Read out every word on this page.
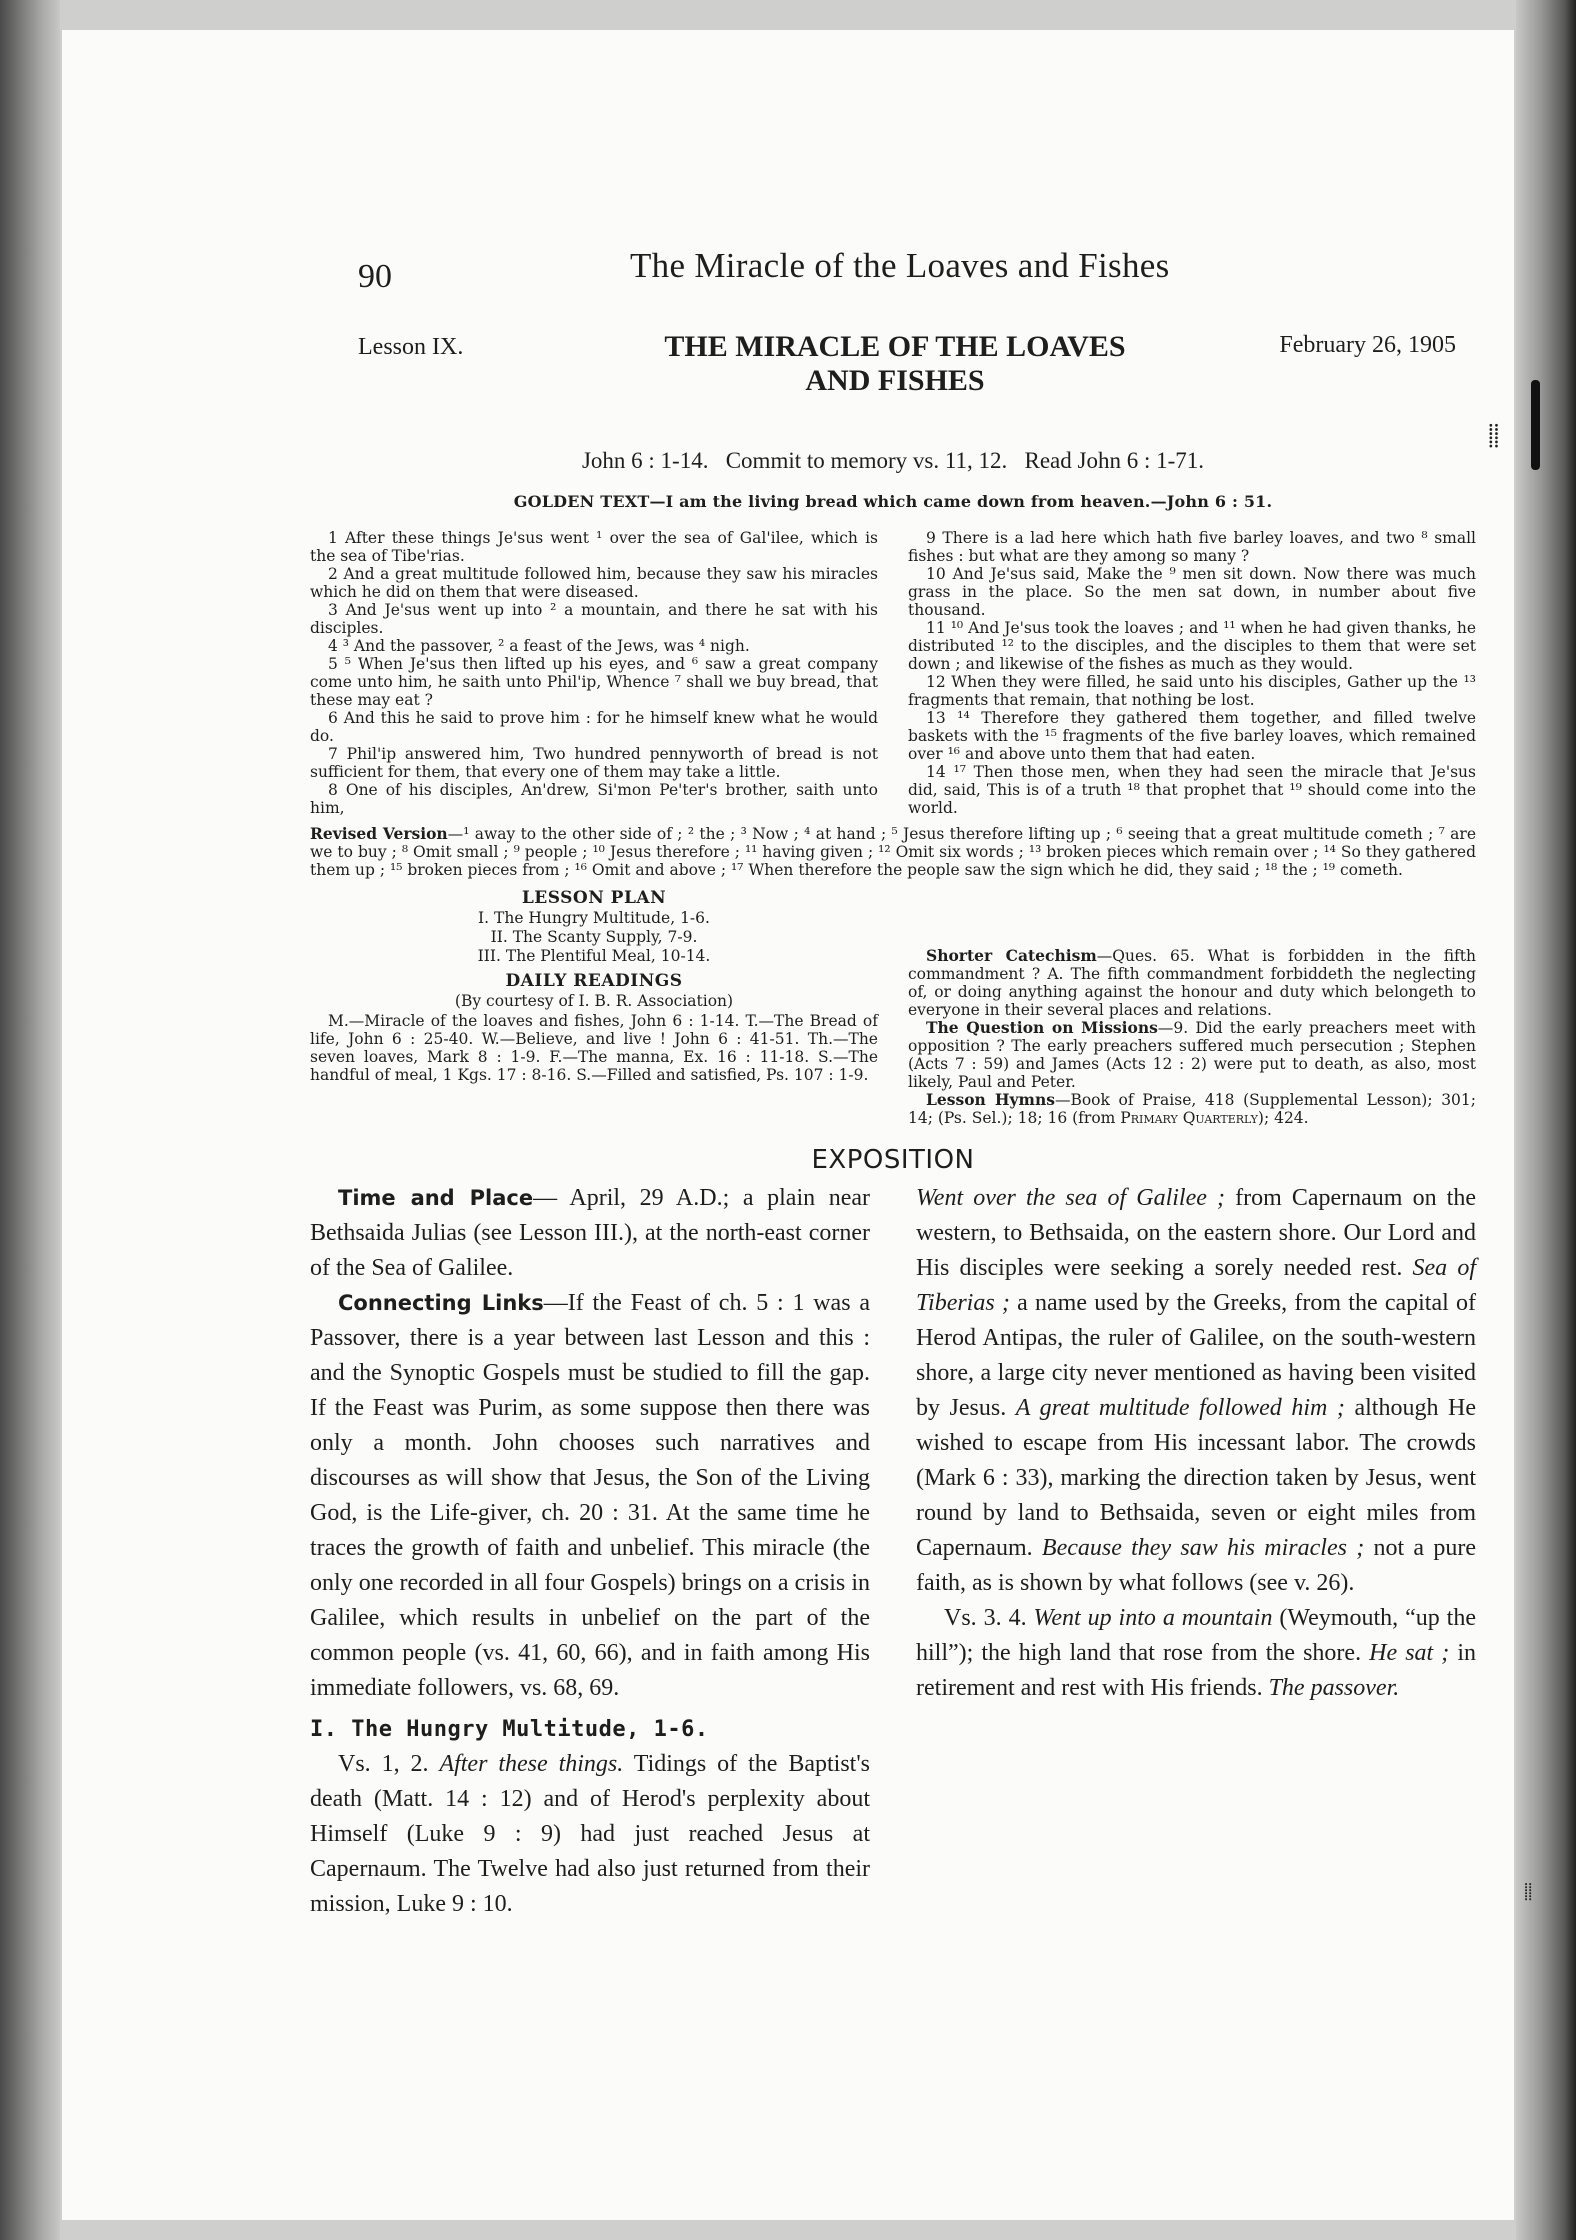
⸽⸽
⸽⸽
90	The Miracle of the Loaves and Fishes
Lesson IX.	THE MIRACLE OF THE LOAVES AND FISHES
February 26, 1905
John 6 : 1-14.   Commit to memory vs. 11, 12.   Read John 6 : 1-71.
GOLDEN TEXT—I am the living bread which came down from heaven.—John 6 : 51.

1 After these things Je'sus went ¹ over the sea of Gal'ilee, which is the sea of Tibe'rias.

2 And a great multitude followed him, because they saw his miracles which he did on them that were diseased.

3 And Je'sus went up into ² a mountain, and there he sat with his disciples.

4 ³ And the passover, ² a feast of the Jews, was ⁴ nigh.

5 ⁵ When Je'sus then lifted up his eyes, and ⁶ saw a great company come unto him, he saith unto Phil'ip, Whence ⁷ shall we buy bread, that these may eat ?

6 And this he said to prove him : for he himself knew what he would do.

7 Phil'ip answered him, Two hundred pennyworth of bread is not sufficient for them, that every one of them may take a little.

8 One of his disciples, An'drew, Si'mon Pe'ter's brother, saith unto him,

9 There is a lad here which hath five barley loaves, and two ⁸ small fishes : but what are they among so many ?

10 And Je'sus said, Make the ⁹ men sit down. Now there was much grass in the place. So the men sat down, in number about five thousand.

11 ¹⁰ And Je'sus took the loaves ; and ¹¹ when he had given thanks, he distributed ¹² to the disciples, and the disciples to them that were set down ; and likewise of the fishes as much as they would.

12 When they were filled, he said unto his disciples, Gather up the ¹³ fragments that remain, that nothing be lost.

13 ¹⁴ Therefore they gathered them together, and filled twelve baskets with the ¹⁵ fragments of the five barley loaves, which remained over ¹⁶ and above unto them that had eaten.

14 ¹⁷ Then those men, when they had seen the miracle that Je'sus did, said, This is of a truth ¹⁸ that prophet that ¹⁹ should come into the world.

Revised Version—¹ away to the other side of ; ² the ; ³ Now ; ⁴ at hand ; ⁵ Jesus therefore lifting up ; ⁶ seeing that a great multitude cometh ; ⁷ are we to buy ; ⁸ Omit small ; ⁹ people ; ¹⁰ Jesus therefore ; ¹¹ having given ; ¹² Omit six words ; ¹³ broken pieces which remain over ; ¹⁴ So they gathered them up ; ¹⁵ broken pieces from ; ¹⁶ Omit and above ; ¹⁷ When therefore the people saw the sign which he did, they said ; ¹⁸ the ; ¹⁹ cometh.
LESSON PLAN
I. The Hungry Multitude, 1-6.
II. The Scanty Supply, 7-9.
III. The Plentiful Meal, 10-14.
DAILY READINGS
(By courtesy of I. B. R. Association)

M.—Miracle of the loaves and fishes, John 6 : 1-14. T.—The Bread of life, John 6 : 25-40. W.—Believe, and live ! John 6 : 41-51. Th.—The seven loaves, Mark 8 : 1-9. F.—The manna, Ex. 16 : 11-18. S.—The handful of meal, 1 Kgs. 17 : 8-16. S.—Filled and satisfied, Ps. 107 : 1-9.

Shorter Catechism—Ques. 65. What is forbidden in the fifth commandment ? A. The fifth commandment forbiddeth the neglecting of, or doing anything against the honour and duty which belongeth to everyone in their several places and relations.

The Question on Missions—9. Did the early preachers meet with opposition ? The early preachers suffered much persecution ; Stephen (Acts 7 : 59) and James (Acts 12 : 2) were put to death, as also, most likely, Paul and Peter.

Lesson Hymns—Book of Praise, 418 (Supplemental Lesson); 301; 14; (Ps. Sel.); 18; 16 (from Primary Quarterly); 424.

EXPOSITION

Time and Place— April, 29 A.D.; a plain near Bethsaida Julias (see Lesson III.), at the north-east corner of the Sea of Galilee.

Connecting Links—If the Feast of ch. 5 : 1 was a Passover, there is a year between last Lesson and this : and the Synoptic Gospels must be studied to fill the gap. If the Feast was Purim, as some suppose then there was only a month. John chooses such narratives and discourses as will show that Jesus, the Son of the Living God, is the Life-giver, ch. 20 : 31. At the same time he traces the growth of faith and unbelief. This miracle (the only one recorded in all four Gospels) brings on a crisis in Galilee, which results in unbelief on the part of the common people (vs. 41, 60, 66), and in faith among His immediate followers, vs. 68, 69.

I. The Hungry Multitude, 1-6.

Vs. 1, 2. After these things. Tidings of the Baptist's death (Matt. 14 : 12) and of Herod's perplexity about Himself (Luke 9 : 9) had just reached Jesus at Capernaum. The Twelve had also just returned from their mission, Luke 9 : 10.

Went over the sea of Galilee ; from Capernaum on the western, to Bethsaida, on the eastern shore. Our Lord and His disciples were seeking a sorely needed rest. Sea of Tiberias ; a name used by the Greeks, from the capital of Herod Antipas, the ruler of Galilee, on the south-western shore, a large city never mentioned as having been visited by Jesus. A great multitude followed him ; although He wished to escape from His incessant labor. The crowds (Mark 6 : 33), marking the direction taken by Jesus, went round by land to Bethsaida, seven or eight miles from Capernaum. Because they saw his miracles ; not a pure faith, as is shown by what follows (see v. 26).

Vs. 3. 4. Went up into a mountain (Weymouth, “up the hill”); the high land that rose from the shore. He sat ; in retirement and rest with His friends. The passover.
